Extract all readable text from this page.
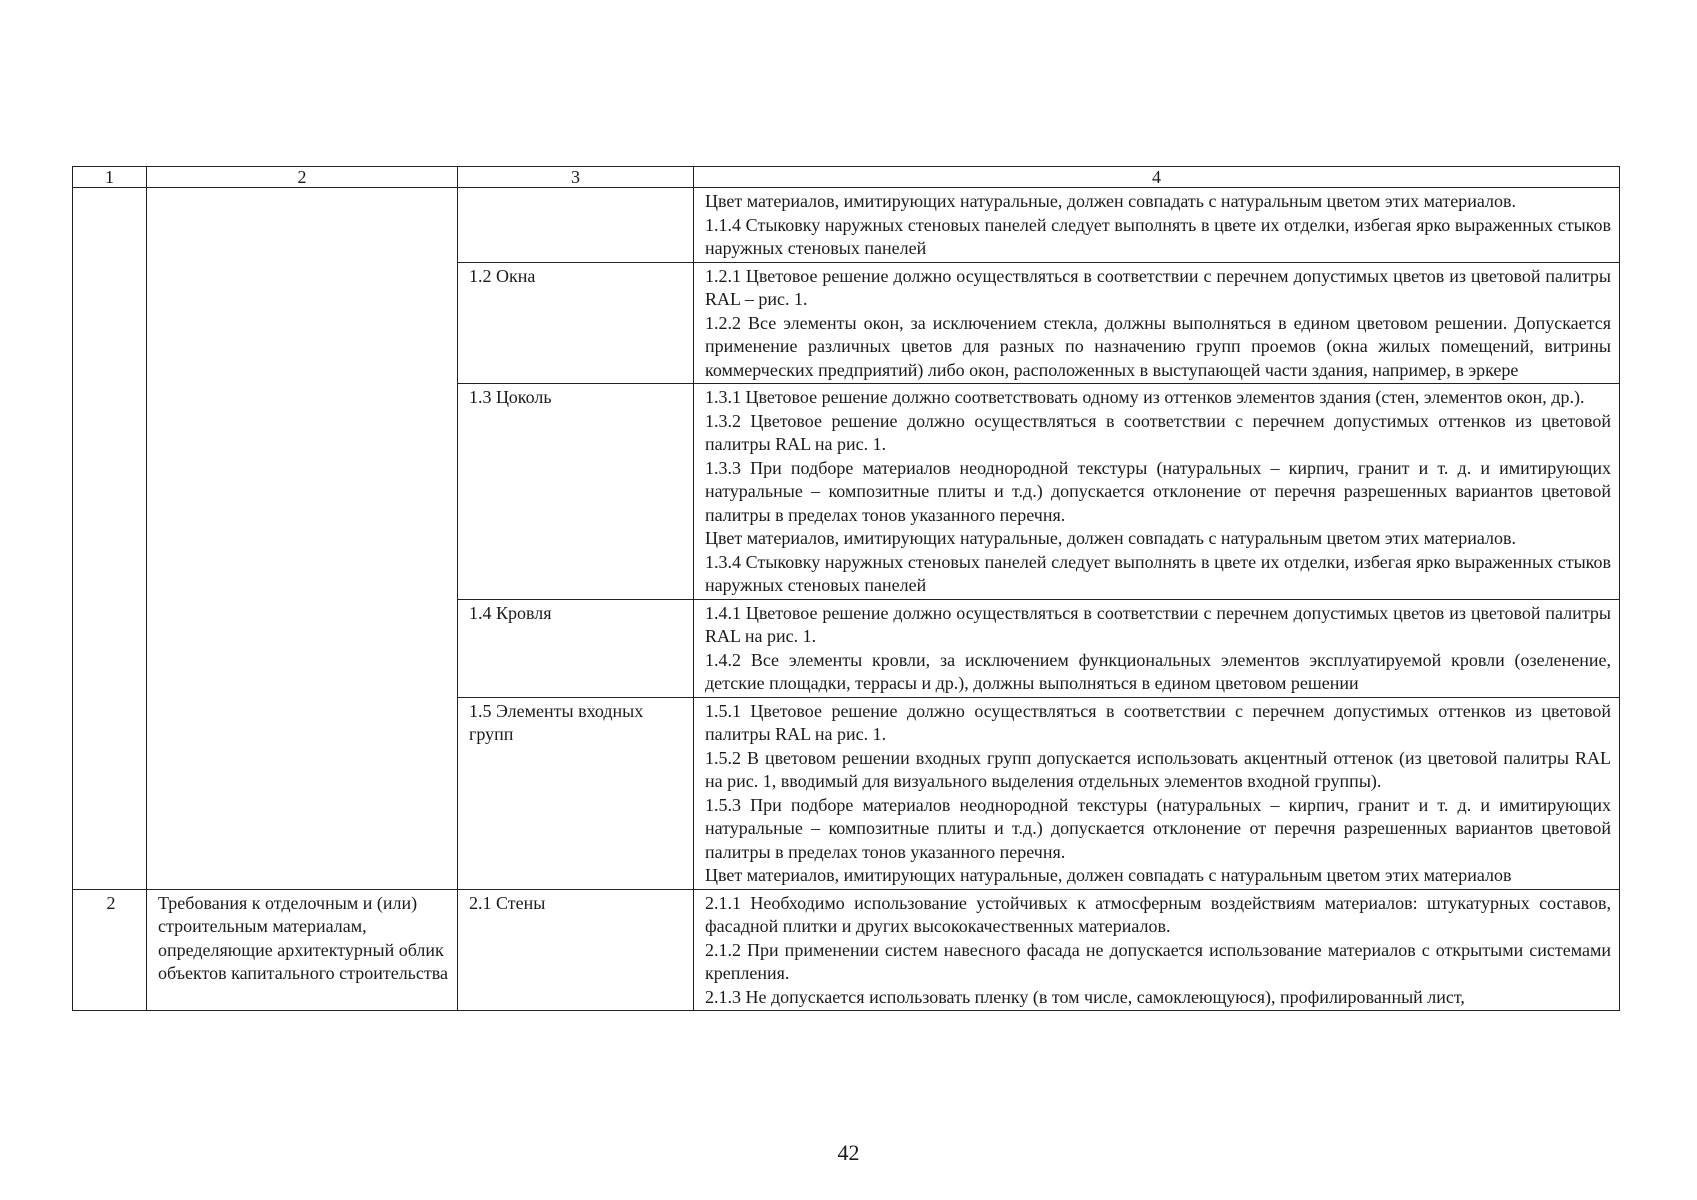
1	2	3	4

			Цвет материалов, имитирующих натуральные, должен совпадать с натуральным цветом этих материалов.

1.1.4 Стыковку наружных стеновых панелей следует выполнять в цвете их отделки, избегая ярко выраженных стыков наружных стеновых панелей

		1.2 Окна	1.2.1 Цветовое решение должно осуществляться в соответствии с перечнем допустимых цветов из цветовой палитры RAL – рис. 1.

1.2.2 Все элементы окон, за исключением стекла, должны выполняться в едином цветовом решении. Допускается применение различных цветов для разных по назначению групп проемов (окна жилых помещений, витрины коммерческих предприятий) либо окон, расположенных в выступающей части здания, например, в эркере

		1.3 Цоколь	1.3.1 Цветовое решение должно соответствовать одному из оттенков элементов здания (стен, элементов окон, др.).

1.3.2 Цветовое решение должно осуществляться в соответствии с перечнем допустимых оттенков из цветовой палитры RAL на рис. 1.

1.3.3 При подборе материалов неоднородной текстуры (натуральных – кирпич, гранит и т. д. и имитирующих натуральные – композитные плиты и т.д.) допускается отклонение от перечня разрешенных вариантов цветовой палитры в пределах тонов указанного перечня.

Цвет материалов, имитирующих натуральные, должен совпадать с натуральным цветом этих материалов.

1.3.4 Стыковку наружных стеновых панелей следует выполнять в цвете их отделки, избегая ярко выраженных стыков наружных стеновых панелей

		1.4 Кровля	1.4.1 Цветовое решение должно осуществляться в соответствии с перечнем допустимых цветов из цветовой палитры RAL на рис. 1.

1.4.2 Все элементы кровли, за исключением функциональных элементов эксплуатируемой кровли (озеленение, детские площадки, террасы и др.), должны выполняться в едином цветовом решении

		1.5 Элементы входных групп	1.5.1 Цветовое решение должно осуществляться в соответствии с перечнем допустимых оттенков из цветовой палитры RAL на рис. 1.

1.5.2 В цветовом решении входных групп допускается использовать акцентный оттенок (из цветовой палитры RAL на рис. 1, вводимый для визуального выделения отдельных элементов входной группы).

1.5.3 При подборе материалов неоднородной текстуры (натуральных – кирпич, гранит и т. д. и имитирующих натуральные – композитные плиты и т.д.) допускается отклонение от перечня разрешенных вариантов цветовой палитры в пределах тонов указанного перечня.

Цвет материалов, имитирующих натуральные, должен совпадать с натуральным цветом этих материалов

2	Требования к отделочным и (или) строительным материалам, определяющие архитектурный облик объектов капитального строительства	2.1 Стены	2.1.1 Необходимо использование устойчивых к атмосферным воздействиям материалов: штукатурных составов, фасадной плитки и других высококачественных материалов.

2.1.2 При применении систем навесного фасада не допускается использование материалов с открытыми системами крепления.

2.1.3 Не допускается использовать пленку (в том числе, самоклеющуюся), профилированный лист,

42
